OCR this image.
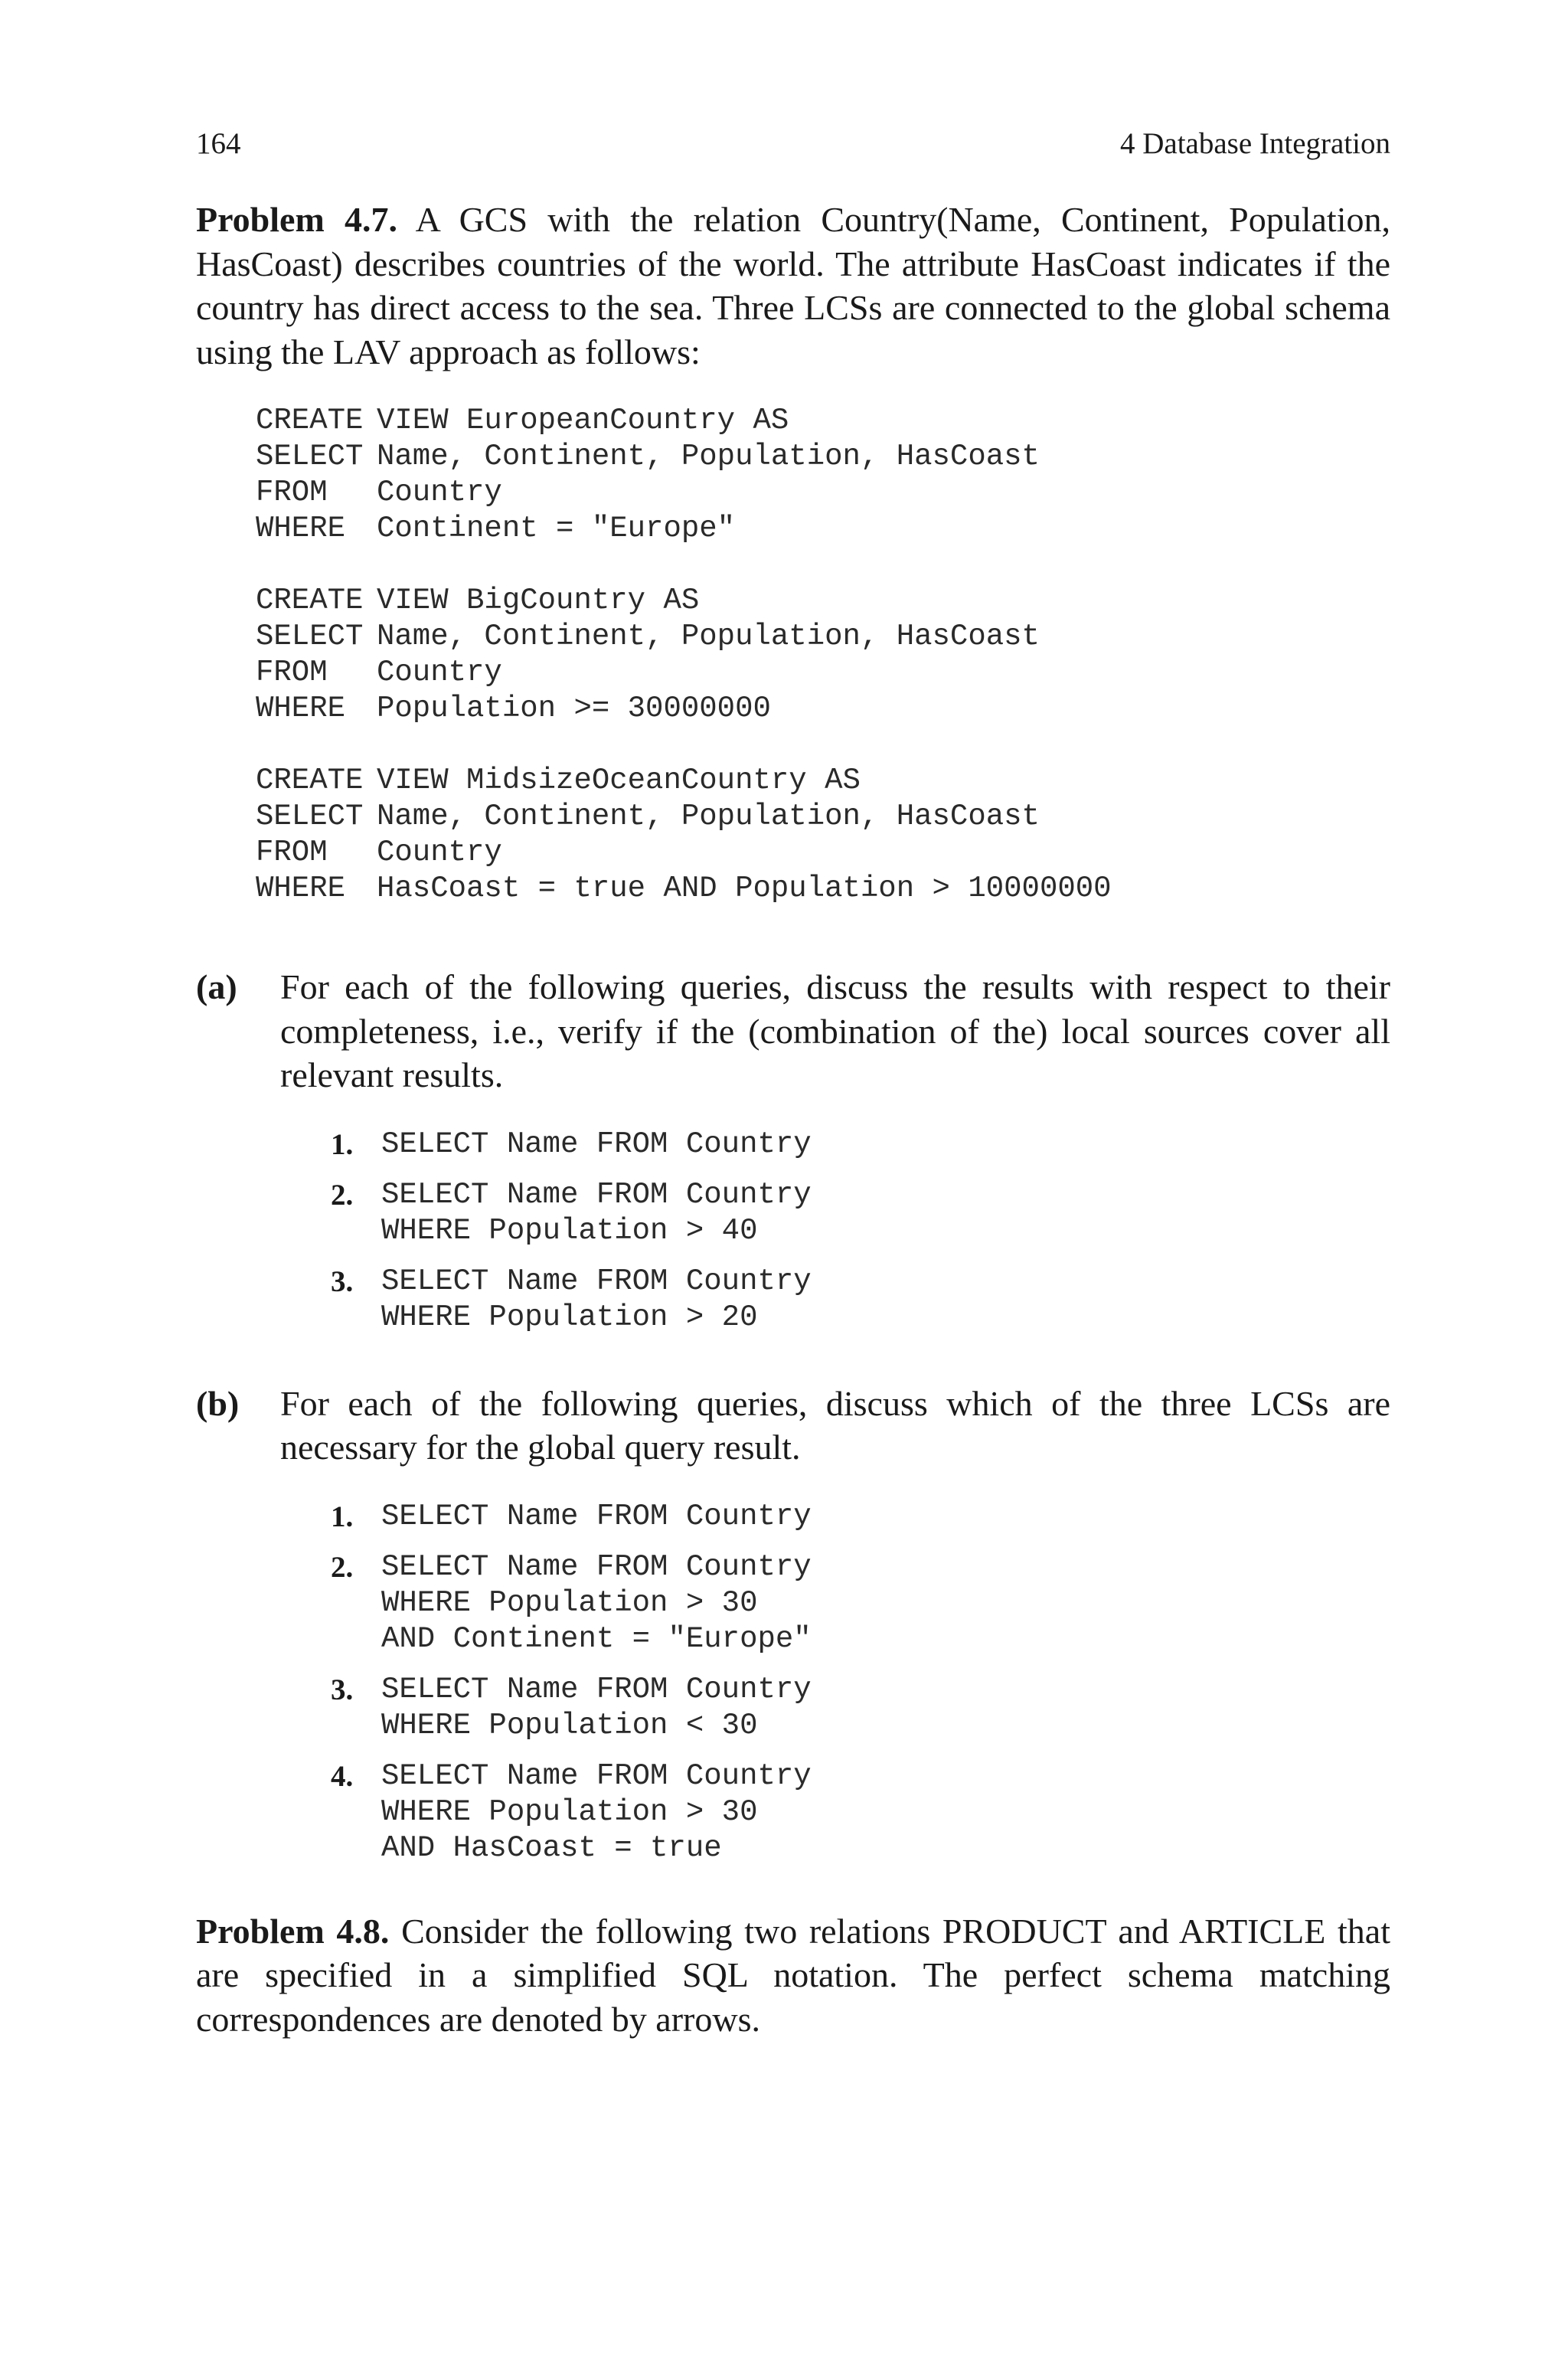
164	4 Database Integration

Problem 4.7. A GCS with the relation Country(Name, Continent, Population, HasCoast) describes countries of the world. The attribute HasCoast indicates if the country has direct access to the sea. Three LCSs are connected to the global schema using the LAV approach as follows:

CREATE VIEW EuropeanCountry AS
SELECT Name, Continent, Population, HasCoast
FROM	Country
WHERE	Continent = "Europe"
CREATE VIEW BigCountry AS
SELECT Name, Continent, Population, HasCoast
FROM	Country
WHERE	Population >= 30000000
CREATE VIEW MidsizeOceanCountry AS
SELECT Name, Continent, Population, HasCoast
FROM	Country
WHERE	HasCoast = true AND Population > 10000000
(a) For each of the following queries, discuss the results with respect to their completeness, i.e., verify if the (combination of the) local sources cover all relevant results.
1. SELECT Name FROM Country
2. SELECT Name FROM Country
WHERE Population > 40
3. SELECT Name FROM Country
WHERE Population > 20
(b) For each of the following queries, discuss which of the three LCSs are necessary for the global query result.
1. SELECT Name FROM Country
2. SELECT Name FROM Country
WHERE Population > 30
AND Continent = "Europe"
3. SELECT Name FROM Country
WHERE Population < 30
4. SELECT Name FROM Country
WHERE Population > 30
AND HasCoast = true

Problem 4.8. Consider the following two relations PRODUCT and ARTICLE that are specified in a simplified SQL notation. The perfect schema matching correspondences are denoted by arrows.
